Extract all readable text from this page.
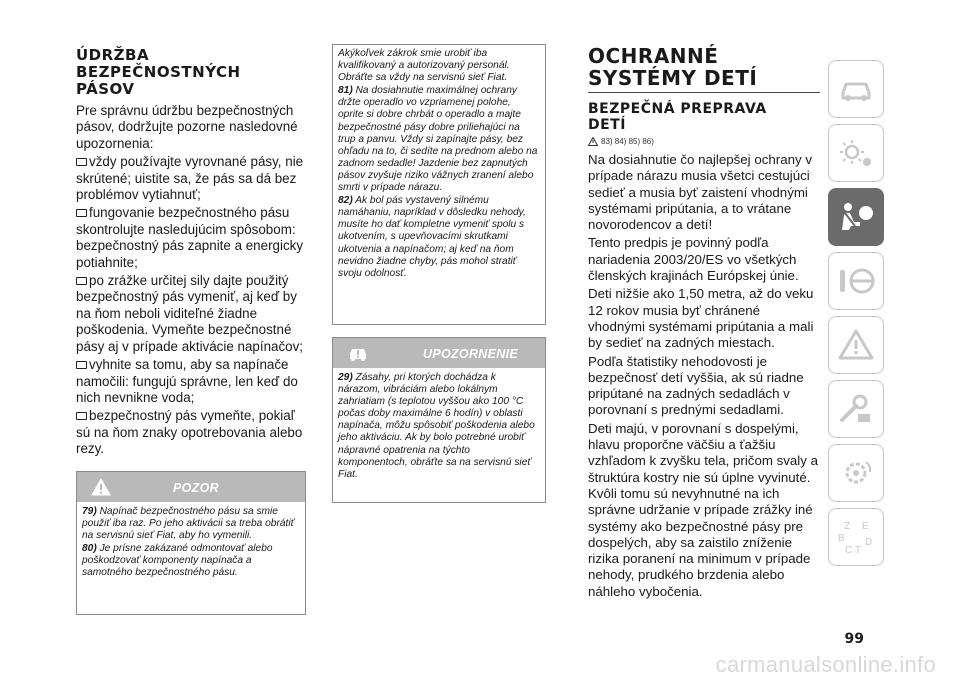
ÚDRŽBA
BEZPEČNOSTNÝCH
PÁSOV

Pre správnu údržbu bezpečnostných pásov, dodržujte pozorne nasledovné upozornenia:

vždy používajte vyrovnané pásy, nie skrútené; uistite sa, že pás sa dá bez problémov vytiahnuť;

fungovanie bezpečnostného pásu skontrolujte nasledujúcim spôsobom: bezpečnostný pás zapnite a energicky potiahnite;

po zrážke určitej sily dajte použitý bezpečnostný pás vymeniť, aj keď by na ňom neboli viditeľné žiadne poškodenia. Vymeňte bezpečnostné pásy aj v prípade aktivácie napínačov;

vyhnite sa tomu, aby sa napínače namočili: fungujú správne, len keď do nich nevnikne voda;

bezpečnostný pás vymeňte, pokiaľ sú na ňom znaky opotrebovania alebo rezy.

POZOR

79) Napínač bezpečnostného pásu sa smie použiť iba raz. Po jeho aktivácii sa treba obrátiť na servisnú sieť Fiat, aby ho vymenili.

80) Je prísne zakázané odmontovať alebo poškodzovať komponenty napínača a samotného bezpečnostného pásu.

Akýkoľvek zákrok smie urobiť iba kvalifikovaný a autorizovaný personál. Obráťte sa vždy na servisnú sieť Fiat.

81) Na dosiahnutie maximálnej ochrany držte operadlo vo vzpriamenej polohe, oprite si dobre chrbát o operadlo a majte bezpečnostné pásy dobre priliehajúci na trup a panvu. Vždy si zapínajte pásy, bez ohľadu na to, či sedíte na prednom alebo na zadnom sedadle! Jazdenie bez zapnutých pásov zvyšuje riziko vážnych zranení alebo smrti v prípade nárazu.

82) Ak bol pás vystavený silnému namáhaniu, napríklad v dôsledku nehody, musíte ho dať kompletne vymeniť spolu s ukotvením, s upevňovacími skrutkami ukotvenia a napínačom; aj keď na ňom nevidno žiadne chyby, pás mohol stratiť svoju odolnosť.

UPOZORNENIE

29) Zásahy, pri ktorých dochádza k nárazom, vibráciám alebo lokálnym zahriatiam (s teplotou vyššou ako 100 °C počas doby maximálne 6 hodín) v oblasti napínača, môžu spôsobiť poškodenia alebo jeho aktiváciu. Ak by bolo potrebné urobiť nápravné opatrenia na týchto komponentoch, obráťte sa na servisnú sieť Fiat.

OCHRANNÉ
SYSTÉMY DETÍ
BEZPEČNÁ PREPRAVA
DETÍ

Na dosiahnutie čo najlepšej ochrany v prípade nárazu musia všetci cestujúci sedieť a musia byť zaistení vhodnými systémami pripútania, a to vrátane novorodencov a detí!

Tento predpis je povinný podľa nariadenia 2003/20/ES vo všetkých členských krajinách Európskej únie.

Deti nižšie ako 1,50 metra, až do veku 12 rokov musia byť chránené vhodnými systémami pripútania a mali by sedieť na zadných miestach.

Podľa štatistiky nehodovosti je bezpečnosť detí vyššia, ak sú riadne pripútané na zadných sedadlách v porovnaní s prednými sedadlami.

Deti majú, v porovnaní s dospelými, hlavu proporčne väčšiu a ťažšiu vzhľadom k zvyšku tela, pričom svaly a štruktúra kostry nie sú úplne vyvinuté. Kvôli tomu sú nevyhnutné na ich správne udržanie v prípade zrážky iné systémy ako bezpečnostné pásy pre dospelých, aby sa zaistilo zníženie rizika poranení na minimum v prípade nehody, prudkého brzdenia alebo náhleho vybočenia.

83) 84) 85) 86)
99
Z E
B D
C T
carmanualsonline.info
